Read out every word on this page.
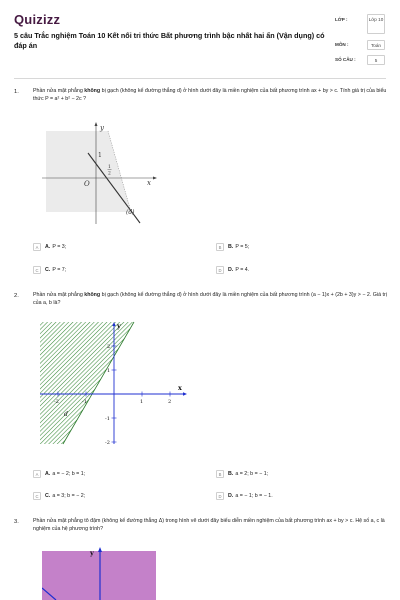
Quizizz
5 câu Trắc nghiệm Toán 10 Kết nối tri thức Bất phương trình bậc nhất hai ẩn (Vận dụng) có đáp án
LỚP :	Lớp 10
MÔN :	Toán
SỐ CÂU :	5
1.	Phần nửa mặt phẳng không bị gạch (không kể đường thẳng d) ở hình dưới đây là miền nghiệm của bất phương trình ax + by > c. Tính giá trị của biểu thức P = a² + b² − 2c ?
y
x
O
1
1
2
(d)
A	A. P = 3;	B	B. P = 5;
C	C. P = 7;	D	D. P = 4.
2.	Phần nửa mặt phẳng không bị gạch (không kể đường thẳng d) ở hình dưới đây là miền nghiệm của bất phương trình (a − 1)x + (2b + 3)y > − 2. Giá trị của a, b là?
y
x
-2	-1	1	2
2
1
-1
-2
d
A	A. a = − 2; b = 1;	B	B. a = 2; b = − 1;
C	C. a = 3; b = − 2;	D	D. a = − 1; b = − 1.
3.	Phần nửa mặt phẳng tô đậm (không kể đường thẳng Δ) trong hình vẽ dưới đây biểu diễn miền nghiệm của bất phương trình ax + by > c. Hệ số a, c là nghiệm của hệ phương trình?
y
